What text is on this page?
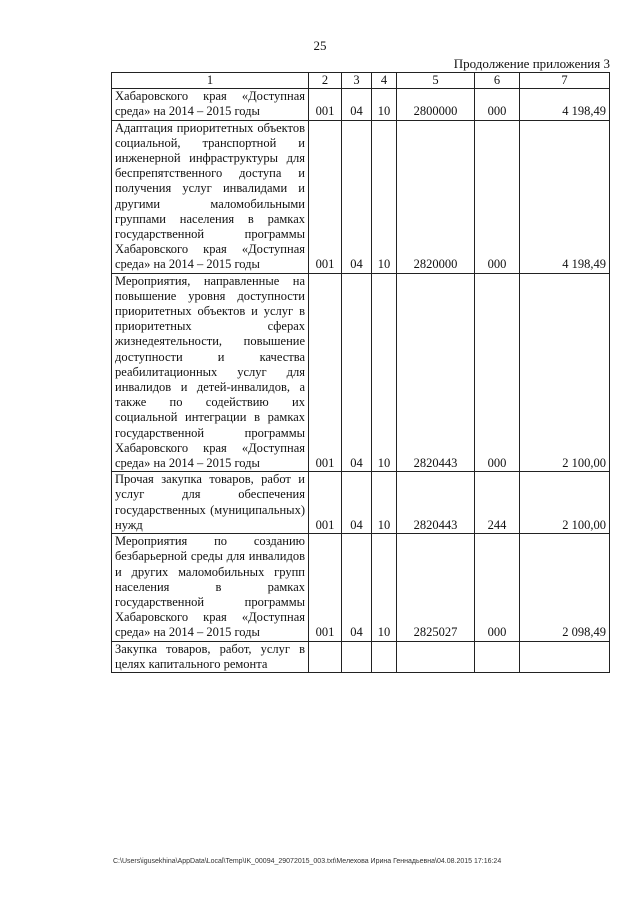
25
Продолжение приложения 3
1	2	3	4	5	6	7
Хабаровского края «Доступная среда» на 2014 – 2015 годы	001	04	10	2800000	000	4 198,49
Адаптация приоритетных объектов социальной, транспортной и инженерной инфраструктуры для беспрепятственного доступа и получения услуг инвалидами и другими маломобильными группами населения в рамках государственной программы Хабаровского края «Доступная среда» на 2014 – 2015 годы	001	04	10	2820000	000	4 198,49
Мероприятия, направленные на повышение уровня доступности приоритетных объектов и услуг в приоритетных сферах жизнедеятельности, повышение доступности и качества реабилитационных услуг для инвалидов и детей-инвалидов, а также по содействию их социальной интеграции в рамках государственной программы Хабаровского края «Доступная среда» на 2014 – 2015 годы	001	04	10	2820443	000	2 100,00
Прочая закупка товаров, работ и услуг для обеспечения государственных (муниципальных) нужд	001	04	10	2820443	244	2 100,00
Мероприятия по созданию безбарьерной среды для инвалидов и других маломобильных групп населения в рамках государственной программы Хабаровского края «Доступная среда» на 2014 – 2015 годы	001	04	10	2825027	000	2 098,49
Закупка товаров, работ, услуг в целях капитального ремонта						
C:\Users\igusekhina\AppData\Local\Temp\IK_00094_29072015_003.txt\Мелехова Ирина Геннадьевна\04.08.2015 17:16:24
